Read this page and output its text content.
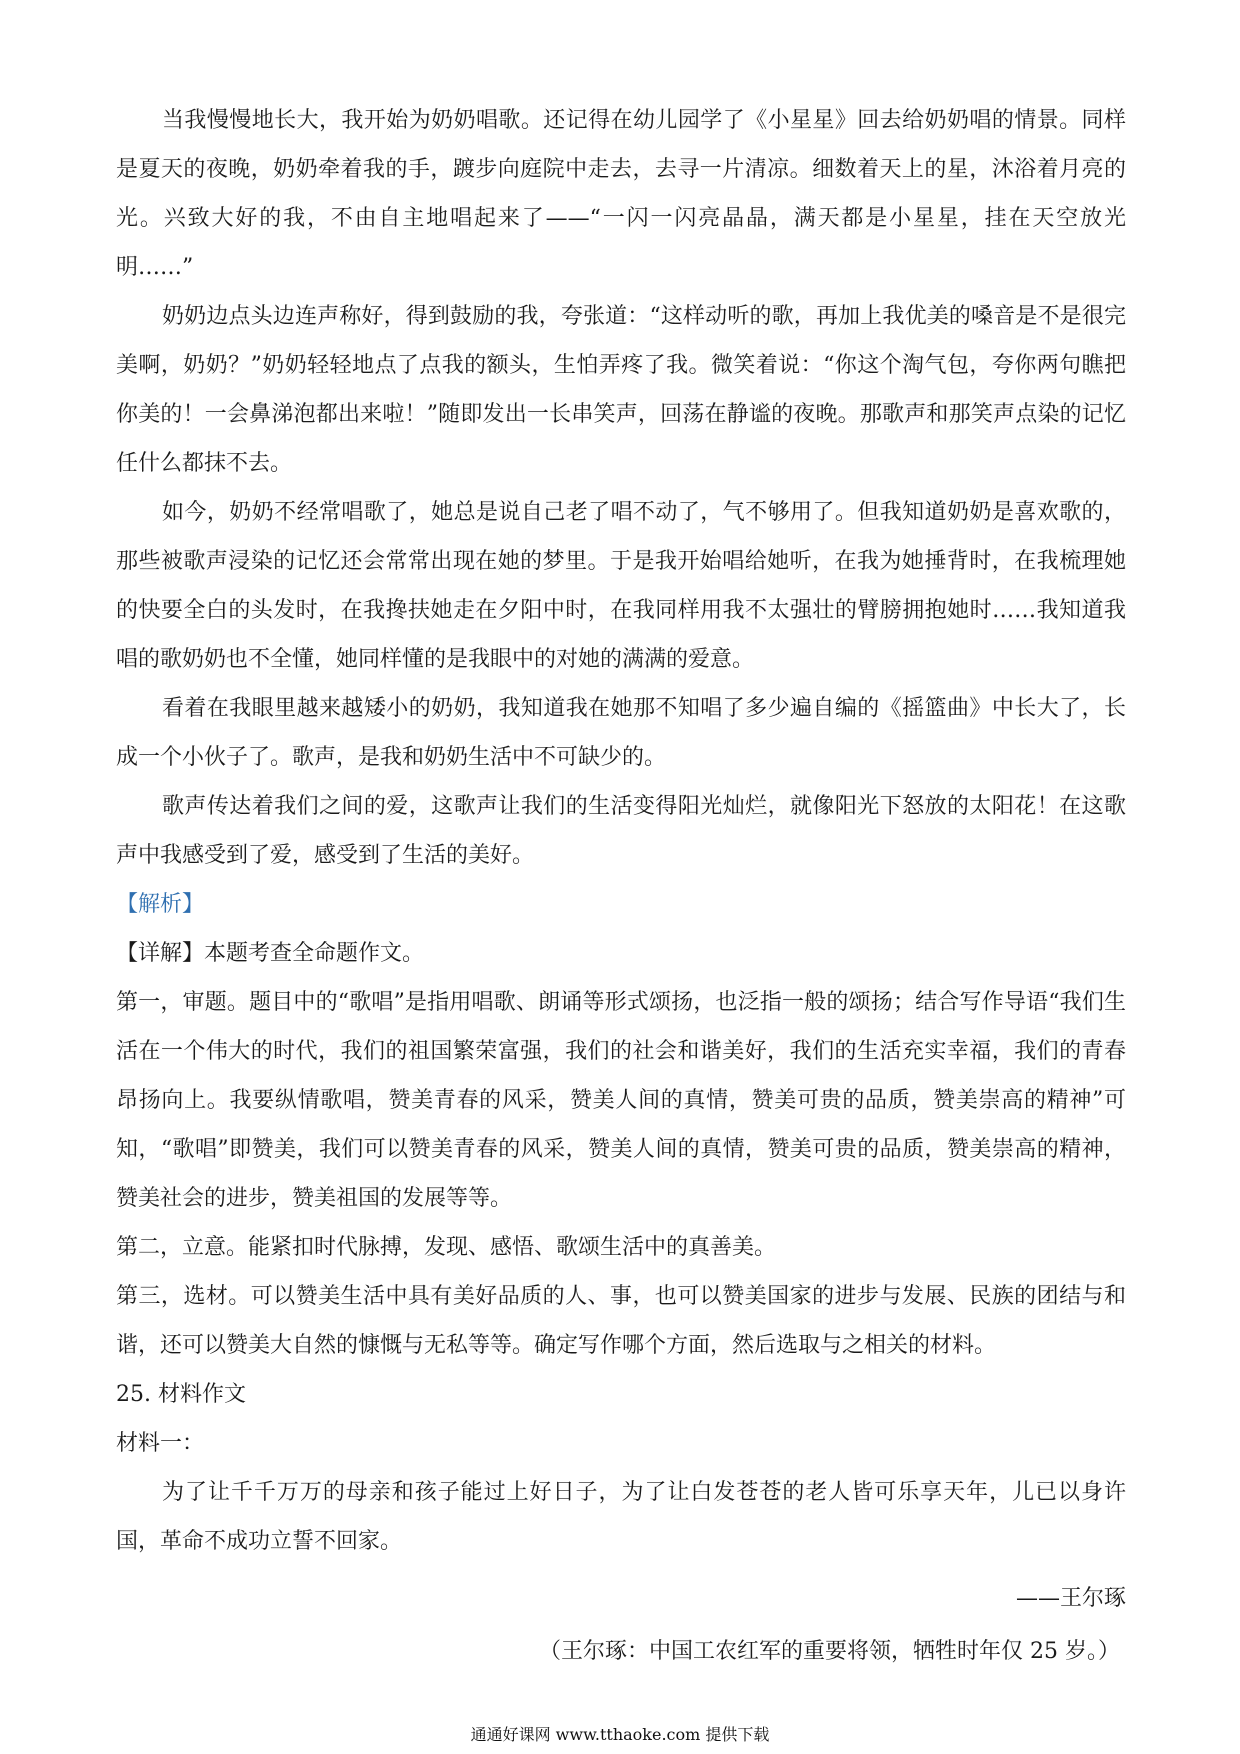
当我慢慢地长大，我开始为奶奶唱歌。还记得在幼儿园学了《小星星》回去给奶奶唱的情景。同样是夏天的夜晚，奶奶牵着我的手，踱步向庭院中走去，去寻一片清凉。细数着天上的星，沐浴着月亮的光。兴致大好的我，不由自主地唱起来了——“一闪一闪亮晶晶，满天都是小星星，挂在天空放光明……”

奶奶边点头边连声称好，得到鼓励的我，夸张道：“这样动听的歌，再加上我优美的嗓音是不是很完美啊，奶奶？”奶奶轻轻地点了点我的额头，生怕弄疼了我。微笑着说：“你这个淘气包，夸你两句瞧把你美的！一会鼻涕泡都出来啦！”随即发出一长串笑声，回荡在静谧的夜晚。那歌声和那笑声点染的记忆任什么都抹不去。

如今，奶奶不经常唱歌了，她总是说自己老了唱不动了，气不够用了。但我知道奶奶是喜欢歌的，那些被歌声浸染的记忆还会常常出现在她的梦里。于是我开始唱给她听，在我为她捶背时，在我梳理她的快要全白的头发时，在我搀扶她走在夕阳中时，在我同样用我不太强壮的臂膀拥抱她时……我知道我唱的歌奶奶也不全懂，她同样懂的是我眼中的对她的满满的爱意。

看着在我眼里越来越矮小的奶奶，我知道我在她那不知唱了多少遍自编的《摇篮曲》中长大了，长成一个小伙子了。歌声，是我和奶奶生活中不可缺少的。

歌声传达着我们之间的爱，这歌声让我们的生活变得阳光灿烂，就像阳光下怒放的太阳花！在这歌声中我感受到了爱，感受到了生活的美好。

【解析】

【详解】本题考查全命题作文。

第一，审题。题目中的“歌唱”是指用唱歌、朗诵等形式颂扬，也泛指一般的颂扬；结合写作导语“我们生活在一个伟大的时代，我们的祖国繁荣富强，我们的社会和谐美好，我们的生活充实幸福，我们的青春昂扬向上。我要纵情歌唱，赞美青春的风采，赞美人间的真情，赞美可贵的品质，赞美崇高的精神”可知，“歌唱”即赞美，我们可以赞美青春的风采，赞美人间的真情，赞美可贵的品质，赞美崇高的精神，赞美社会的进步，赞美祖国的发展等等。

第二，立意。能紧扣时代脉搏，发现、感悟、歌颂生活中的真善美。

第三，选材。可以赞美生活中具有美好品质的人、事，也可以赞美国家的进步与发展、民族的团结与和谐，还可以赞美大自然的慷慨与无私等等。确定写作哪个方面，然后选取与之相关的材料。

25. 材料作文

材料一：

为了让千千万万的母亲和孩子能过上好日子，为了让白发苍苍的老人皆可乐享天年，儿已以身许国，革命不成功立誓不回家。

——王尔琢

（王尔琢：中国工农红军的重要将领，牺牲时年仅 25 岁。）

通通好课网 www.tthaoke.com 提供下载
